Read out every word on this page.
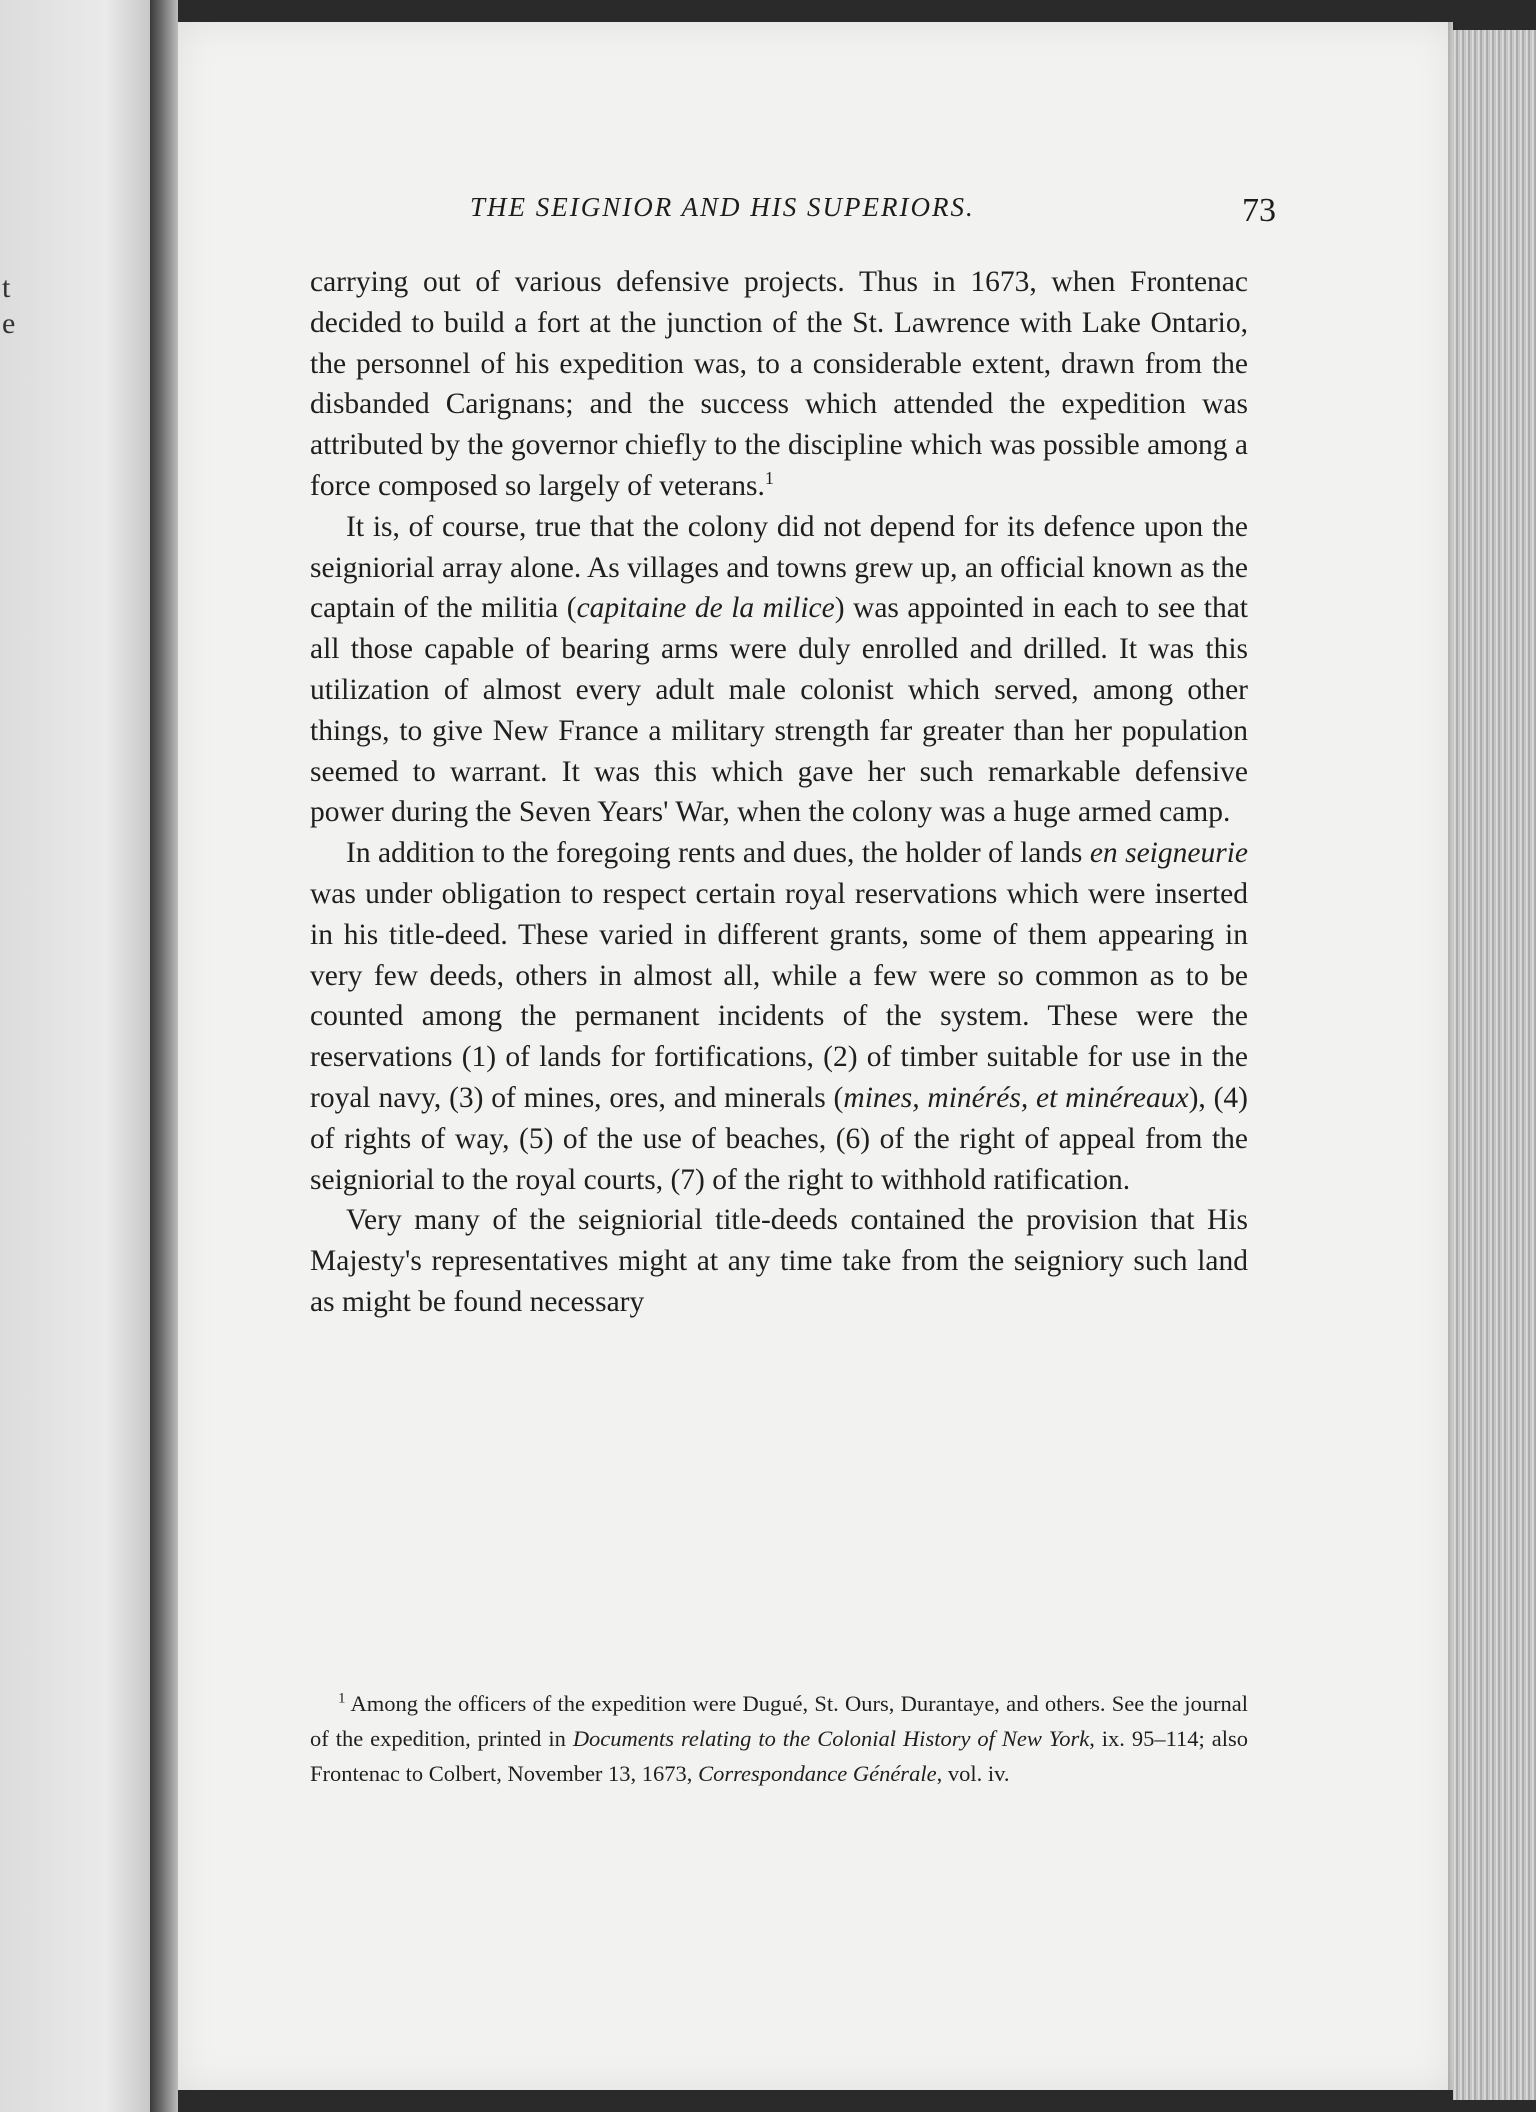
t
e
THE SEIGNIOR AND HIS SUPERIORS.	73

carrying out of various defensive projects. Thus in 1673, when Frontenac decided to build a fort at the junction of the St. Lawrence with Lake Ontario, the personnel of his expedition was, to a considerable extent, drawn from the disbanded Carignans; and the success which attended the expedition was attributed by the governor chiefly to the discipline which was possible among a force composed so largely of veterans.$^1$

It is, of course, true that the colony did not depend for its defence upon the seigniorial array alone. As villages and towns grew up, an official known as the captain of the militia (capitaine de la milice) was appointed in each to see that all those capable of bearing arms were duly enrolled and drilled. It was this utilization of almost every adult male colonist which served, among other things, to give New France a military strength far greater than her population seemed to warrant. It was this which gave her such remarkable defensive power during the Seven Years' War, when the colony was a huge armed camp.

In addition to the foregoing rents and dues, the holder of lands en seigneurie was under obligation to respect certain royal reservations which were inserted in his title-deed. These varied in different grants, some of them appearing in very few deeds, others in almost all, while a few were so common as to be counted among the permanent incidents of the system. These were the reservations (1) of lands for fortifications, (2) of timber suitable for use in the royal navy, (3) of mines, ores, and minerals (mines, minérés, et minéreaux), (4) of rights of way, (5) of the use of beaches, (6) of the right of appeal from the seigniorial to the royal courts, (7) of the right to withhold ratification.

Very many of the seigniorial title-deeds contained the provision that His Majesty's representatives might at any time take from the seigniory such land as might be found necessary

$^1$ Among the officers of the expedition were Dugué, St. Ours, Durantaye, and others. See the journal of the expedition, printed in Documents relating to the Colonial History of New York, ix. 95–114; also Frontenac to Colbert, November 13, 1673, Correspondance Générale, vol. iv.
